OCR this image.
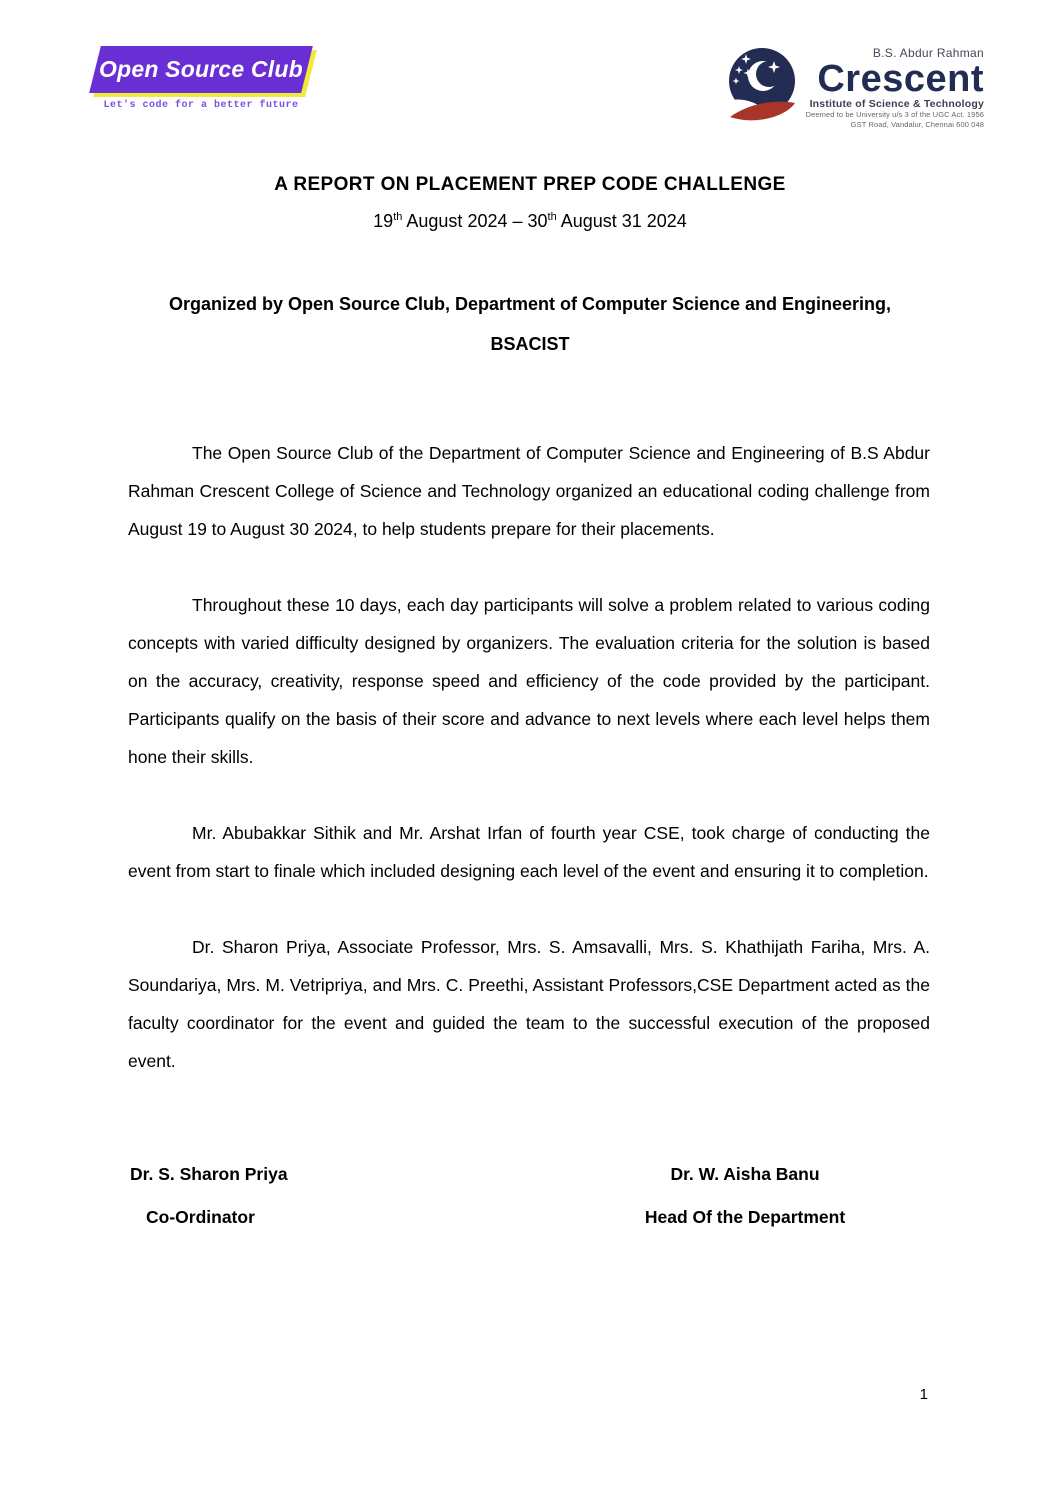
Open Source Club
Let's code for a better future
B.S. Abdur Rahman
Crescent
Institute of Science & Technology
Deemed to be University u/s 3 of the UGC Act. 1956
GST Road, Vandalur, Chennai 600 048
A REPORT ON PLACEMENT PREP CODE CHALLENGE
19th August 2024 – 30th August 31 2024
Organized by Open Source Club, Department of Computer Science and Engineering, BSACIST

The Open Source Club of the Department of Computer Science and Engineering of B.S Abdur Rahman Crescent College of Science and Technology organized an educational coding challenge from August 19 to August 30 2024, to help students prepare for their placements.

Throughout these 10 days, each day participants will solve a problem related to various coding concepts with varied difficulty designed by organizers. The evaluation criteria for the solution is based on the accuracy, creativity, response speed and efficiency of the code provided by the participant. Participants qualify on the basis of their score and advance to next levels where each level helps them hone their skills.

Mr. Abubakkar Sithik and Mr. Arshat Irfan of fourth year CSE, took charge of conducting the event from start to finale which included designing each level of the event and ensuring it to completion.

Dr. Sharon Priya, Associate Professor, Mrs. S. Amsavalli, Mrs. S. Khathijath Fariha, Mrs. A. Soundariya, Mrs. M. Vetripriya, and Mrs. C. Preethi, Assistant Professors,CSE Department acted as the faculty coordinator for the event and guided the team to the successful execution of the proposed event.

Dr. S. Sharon Priya
Co-Ordinator
Dr. W. Aisha Banu
Head Of the Department
1
